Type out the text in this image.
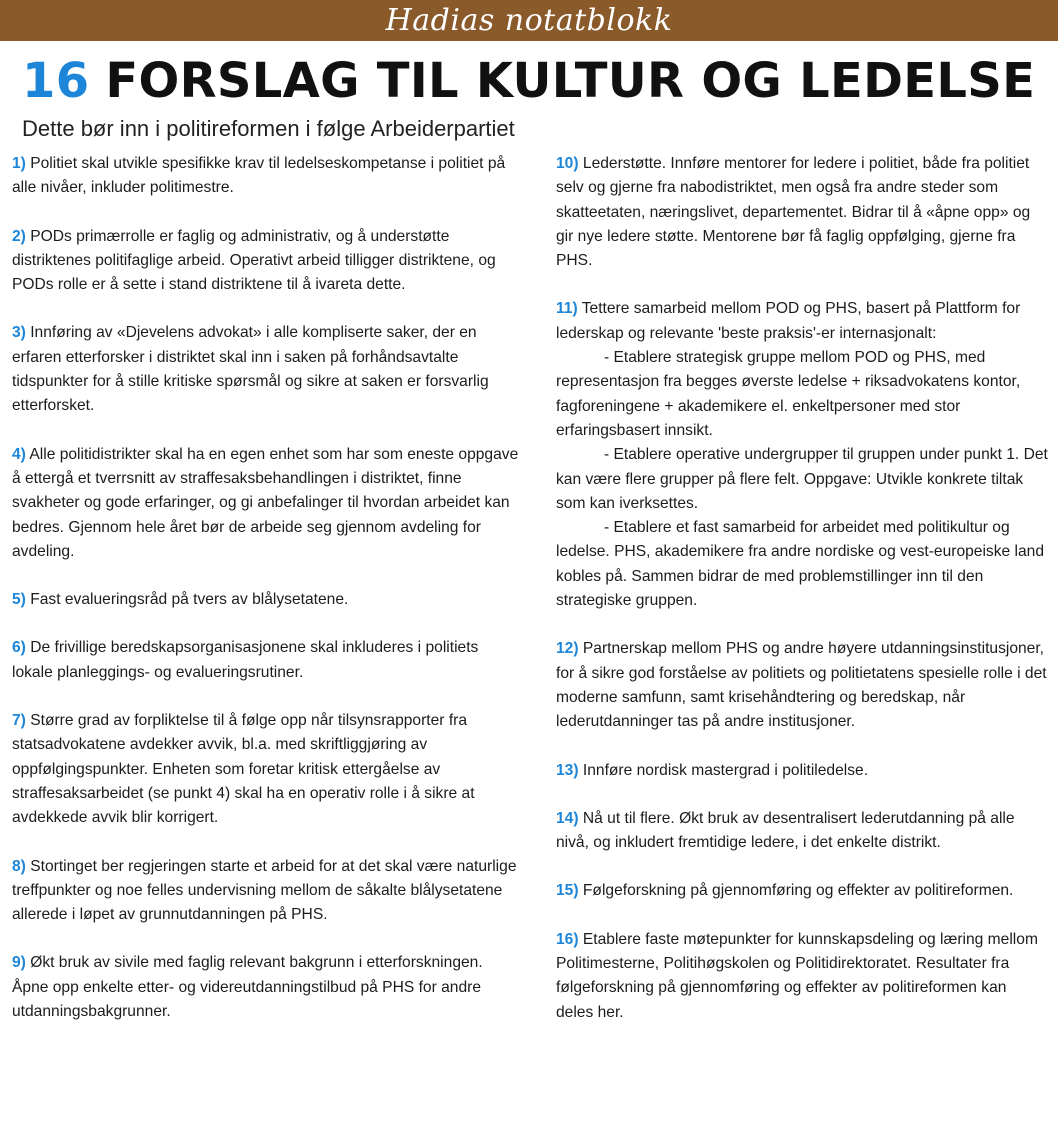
Hadias notatblokk
16 FORSLAG TIL KULTUR OG LEDELSE
Dette bør inn i politireformen i følge Arbeiderpartiet

1) Politiet skal utvikle spesifikke krav til ledelseskompetanse i politiet på alle nivåer, inkluder politimestre.

2) PODs primærrolle er faglig og administrativ, og å understøtte distriktenes politifaglige arbeid. Operativt arbeid tilligger distriktene, og PODs rolle er å sette i stand distriktene til å ivareta dette.

3) Innføring av «Djevelens advokat» i alle kompliserte saker, der en erfaren etterforsker i distriktet skal inn i saken på forhåndsavtalte tidspunkter for å stille kritiske spørsmål og sikre at saken er forsvarlig etterforsket.

4) Alle politidistrikter skal ha en egen enhet som har som eneste oppgave å ettergå et tverrsnitt av straffesaksbehandlingen i distriktet, finne svakheter og gode erfaringer, og gi anbefalinger til hvordan arbeidet kan bedres. Gjennom hele året bør de arbeide seg gjennom avdeling for avdeling.

5) Fast evalueringsråd på tvers av blålysetatene.

6) De frivillige beredskapsorganisasjonene skal inkluderes i politiets lokale planleggings- og evalueringsrutiner.

7) Større grad av forpliktelse til å følge opp når tilsynsrapporter fra statsadvokatene avdekker avvik, bl.a. med skriftliggjøring av oppfølgingspunkter. Enheten som foretar kritisk ettergåelse av straffesaksarbeidet (se punkt 4) skal ha en operativ rolle i å sikre at avdekkede avvik blir korrigert.

8) Stortinget ber regjeringen starte et arbeid for at det skal være naturlige treffpunkter og noe felles undervisning mellom de såkalte blålysetatene allerede i løpet av grunnutdanningen på PHS.

9) Økt bruk av sivile med faglig relevant bakgrunn i etterforskningen. Åpne opp enkelte etter- og videreutdanningstilbud på PHS for andre utdanningsbakgrunner.

10) Lederstøtte. Innføre mentorer for ledere i politiet, både fra politiet selv og gjerne fra nabodistriktet, men også fra andre steder som skatteetaten, næringslivet, departementet. Bidrar til å «åpne opp» og gir nye ledere støtte. Mentorene bør få faglig oppfølging, gjerne fra PHS.

11) Tettere samarbeid mellom POD og PHS, basert på Plattform for lederskap og relevante 'beste praksis'-er internasjonalt:
- Etablere strategisk gruppe mellom POD og PHS, med representasjon fra begges øverste ledelse + riksadvokatens kontor, fagforeningene + akademikere el. enkeltpersoner med stor erfaringsbasert innsikt.
- Etablere operative undergrupper til gruppen under punkt 1. Det kan være flere grupper på flere felt. Oppgave: Utvikle konkrete tiltak som kan iverksettes.
- Etablere et fast samarbeid for arbeidet med politikultur og ledelse. PHS, akademikere fra andre nordiske og vest-europeiske land kobles på. Sammen bidrar de med problemstillinger inn til den strategiske gruppen.

12) Partnerskap mellom PHS og andre høyere utdanningsinstitusjoner, for å sikre god forståelse av politiets og politietatens spesielle rolle i det moderne samfunn, samt krisehåndtering og beredskap, når lederutdanninger tas på andre institusjoner.

13) Innføre nordisk mastergrad i politiledelse.

14) Nå ut til flere. Økt bruk av desentralisert lederutdanning på alle nivå, og inkludert fremtidige ledere, i det enkelte distrikt.

15) Følgeforskning på gjennomføring og effekter av politireformen.

16) Etablere faste møtepunkter for kunnskapsdeling og læring mellom Politimesterne, Politihøgskolen og Politidirektoratet. Resultater fra følgeforskning på gjennomføring og effekter av politireformen kan deles her.
